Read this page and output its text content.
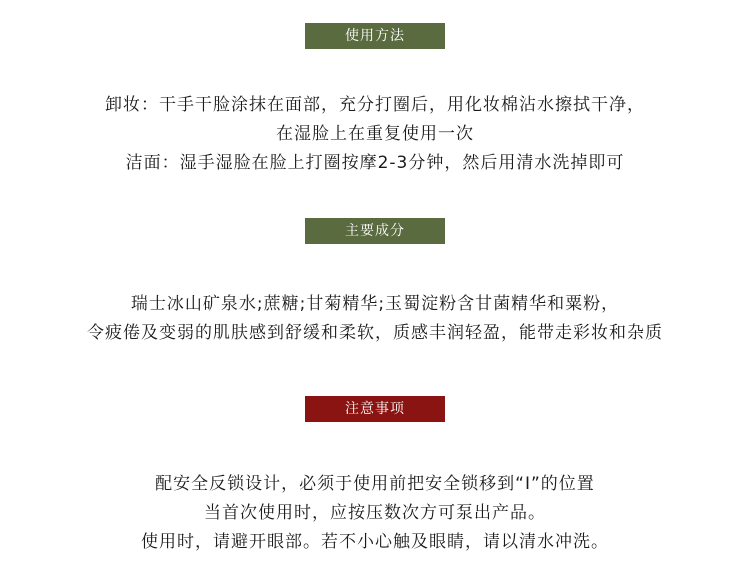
使用方法
卸妆：干手干脸涂抹在面部，充分打圈后，用化妆棉沾水擦拭干净，
在湿脸上在重复使用一次
洁面：湿手湿脸在脸上打圈按摩2-3分钟，然后用清水洗掉即可
主要成分
瑞士冰山矿泉水;蔗糖;甘菊精华;玉蜀淀粉含甘菌精华和粟粉，
令疲倦及变弱的肌肤感到舒缓和柔软，质感丰润轻盈，能带走彩妆和杂质
注意事项
配安全反锁设计，必须于使用前把安全锁移到“I”的位置
当首次使用时，应按压数次方可泵出产品。
使用时，请避开眼部。若不小心触及眼睛，请以清水冲洗。
